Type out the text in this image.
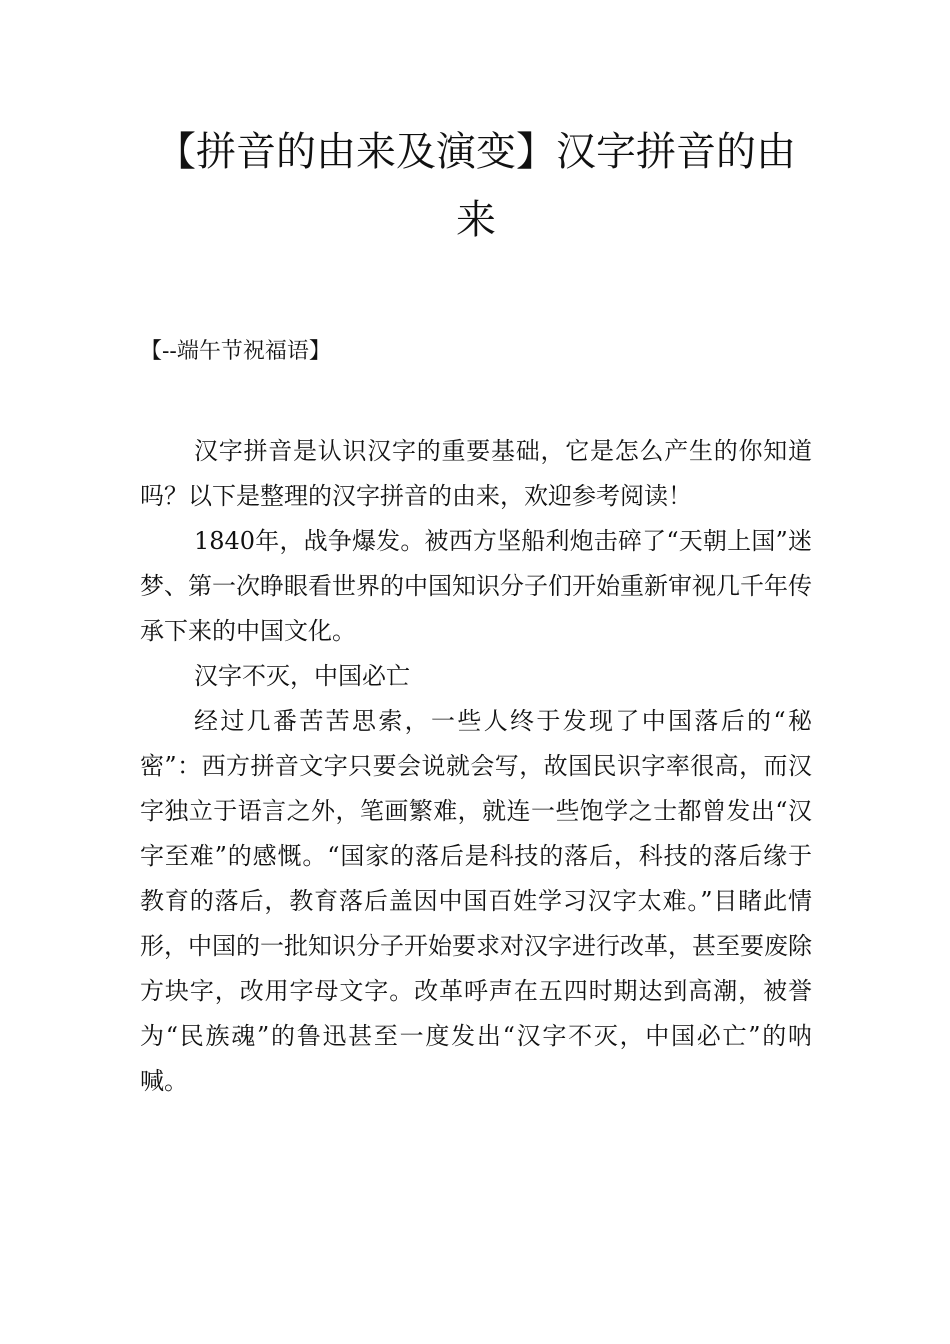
【拼音的由来及演变】汉字拼音的由来

【--端午节祝福语】

汉字拼音是认识汉字的重要基础，它是怎么产生的你知道吗？以下是整理的汉字拼音的由来，欢迎参考阅读！

1840年，战争爆发。被西方坚船利炮击碎了“天朝上国”迷梦、第一次睁眼看世界的中国知识分子们开始重新审视几千年传承下来的中国文化。

汉字不灭，中国必亡

经过几番苦苦思索，一些人终于发现了中国落后的“秘密”：西方拼音文字只要会说就会写，故国民识字率很高，而汉字独立于语言之外，笔画繁难，就连一些饱学之士都曾发出“汉字至难”的感慨。“国家的落后是科技的落后，科技的落后缘于教育的落后，教育落后盖因中国百姓学习汉字太难。”目睹此情形，中国的一批知识分子开始要求对汉字进行改革，甚至要废除方块字，改用字母文字。改革呼声在五四时期达到高潮，被誉为“民族魂”的鲁迅甚至一度发出“汉字不灭，中国必亡”的呐喊。
